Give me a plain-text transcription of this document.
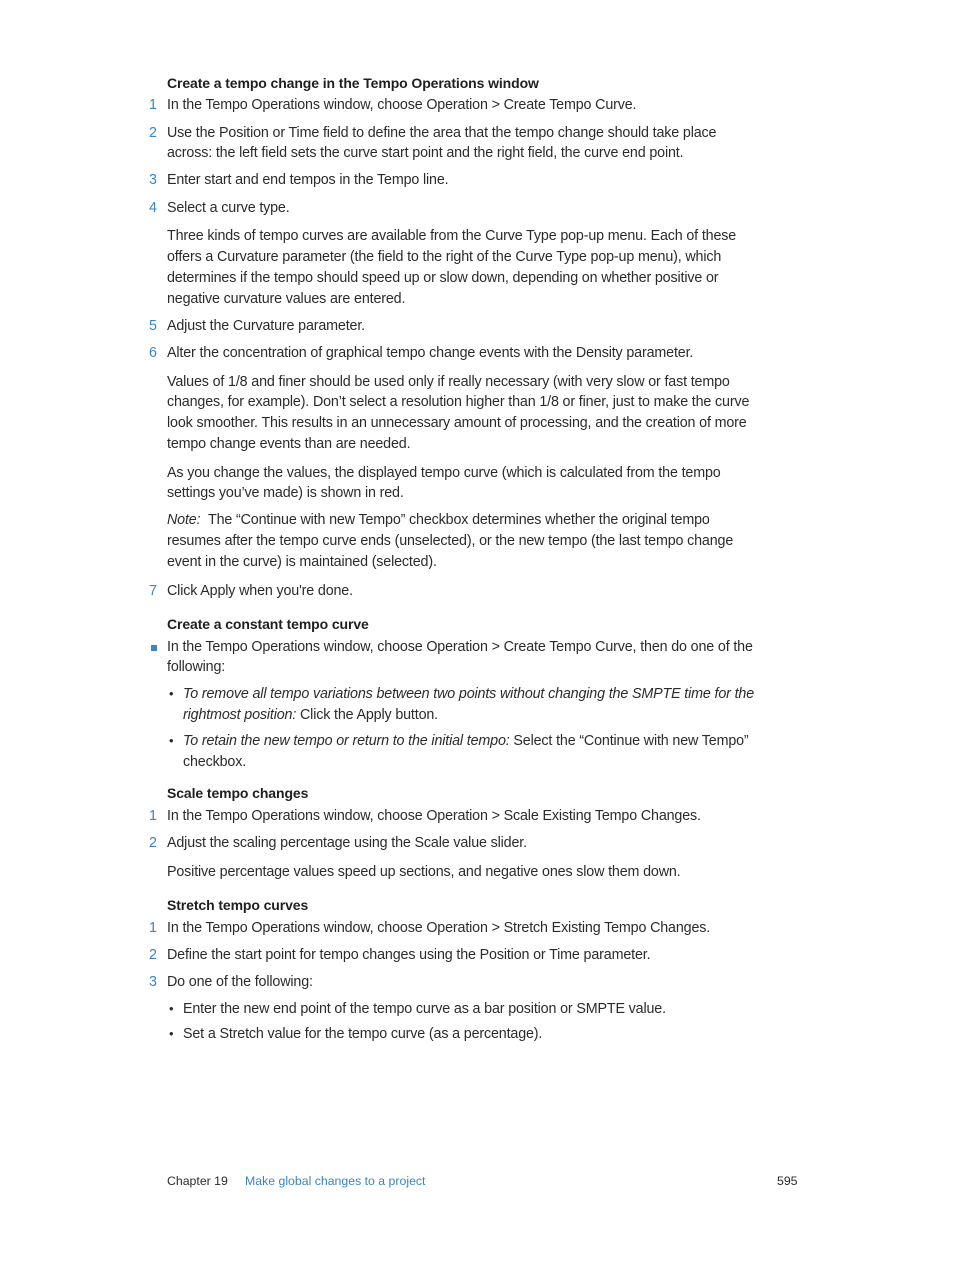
Create a tempo change in the Tempo Operations window
1 In the Tempo Operations window, choose Operation > Create Tempo Curve.
2 Use the Position or Time field to define the area that the tempo change should take place
across: the left field sets the curve start point and the right field, the curve end point.
3 Enter start and end tempos in the Tempo line.
4 Select a curve type.
Three kinds of tempo curves are available from the Curve Type pop-up menu. Each of these
offers a Curvature parameter (the field to the right of the Curve Type pop-up menu), which
determines if the tempo should speed up or slow down, depending on whether positive or
negative curvature values are entered.
5 Adjust the Curvature parameter.
6 Alter the concentration of graphical tempo change events with the Density parameter.
Values of 1/8 and finer should be used only if really necessary (with very slow or fast tempo
changes, for example). Don’t select a resolution higher than 1/8 or finer, just to make the curve
look smoother. This results in an unnecessary amount of processing, and the creation of more
tempo change events than are needed.
As you change the values, the displayed tempo curve (which is calculated from the tempo
settings you’ve made) is shown in red.
Note: The “Continue with new Tempo” checkbox determines whether the original tempo
resumes after the tempo curve ends (unselected), or the new tempo (the last tempo change
event in the curve) is maintained (selected).
7 Click Apply when you're done.
Create a constant tempo curve
In the Tempo Operations window, choose Operation > Create Tempo Curve, then do one of the
following:
• To remove all tempo variations between two points without changing the SMPTE time for the
rightmost position: Click the Apply button.
• To retain the new tempo or return to the initial tempo: Select the “Continue with new Tempo”
checkbox.
Scale tempo changes
1 In the Tempo Operations window, choose Operation > Scale Existing Tempo Changes.
2 Adjust the scaling percentage using the Scale value slider.
Positive percentage values speed up sections, and negative ones slow them down.
Stretch tempo curves
1 In the Tempo Operations window, choose Operation > Stretch Existing Tempo Changes.
2 Define the start point for tempo changes using the Position or Time parameter.
3 Do one of the following:
• Enter the new end point of the tempo curve as a bar position or SMPTE value.
• Set a Stretch value for the tempo curve (as a percentage).
Chapter 19 Make global changes to a project	595
